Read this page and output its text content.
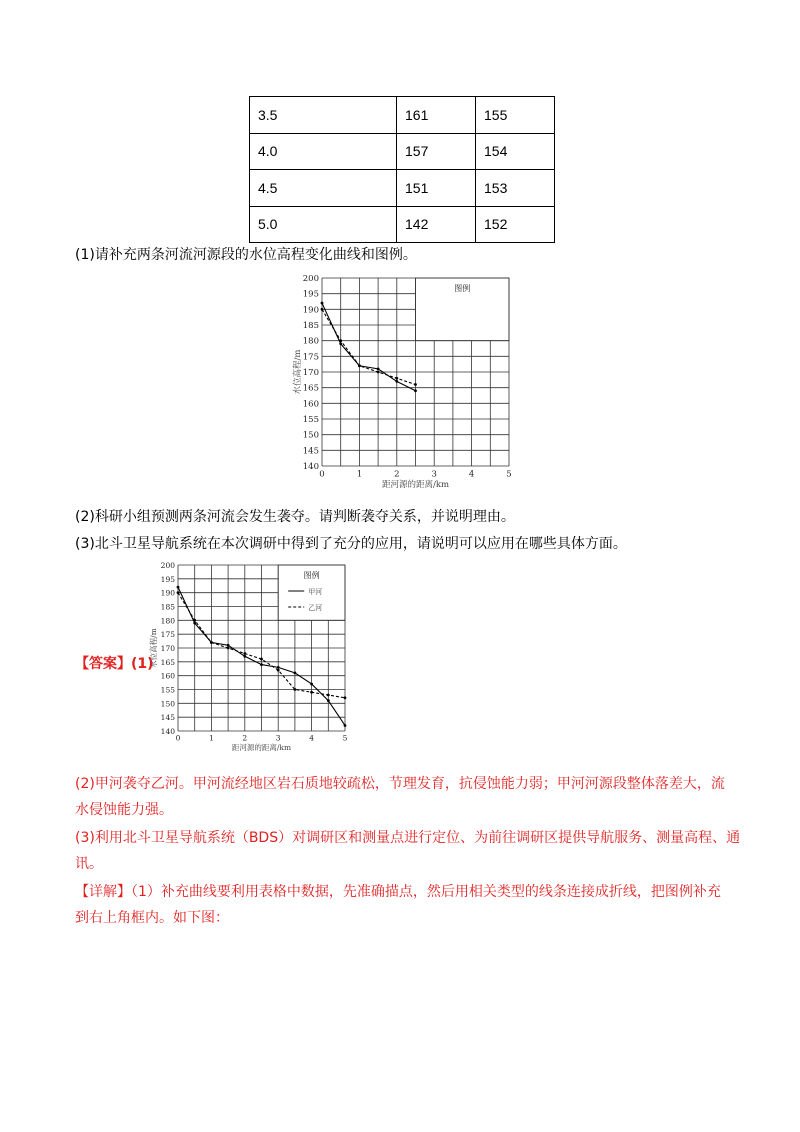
3.5	161	155
4.0	157	154
4.5	151	153
5.0	142	152
(1)请补充两条河流河源段的水位高程变化曲线和图例。
图例
140
145
150
155
160
165
170
175
180
185
190
195
200
0	1	2	3	4	5
距河源的距离/km
水位高程/m
(2)科研小组预测两条河流会发生袭夺。请判断袭夺关系，并说明理由。
(3)北斗卫星导航系统在本次调研中得到了充分的应用，请说明可以应用在哪些具体方面。
【答案】(1)
图例
甲河
乙河
140
145
150
155
160
165
170
175
180
185
190
195
200
0	1	2	3	4	5
距河源的距离/km
水位高程/m
(2)甲河袭夺乙河。甲河流经地区岩石质地较疏松，节理发育，抗侵蚀能力弱；甲河河源段整体落差大，流
水侵蚀能力强。
(3)利用北斗卫星导航系统（BDS）对调研区和测量点进行定位、为前往调研区提供导航服务、测量高程、通
讯。
【详解】（1）补充曲线要利用表格中数据，先准确描点，然后用相关类型的线条连接成折线，把图例补充
到右上角框内。如下图：
